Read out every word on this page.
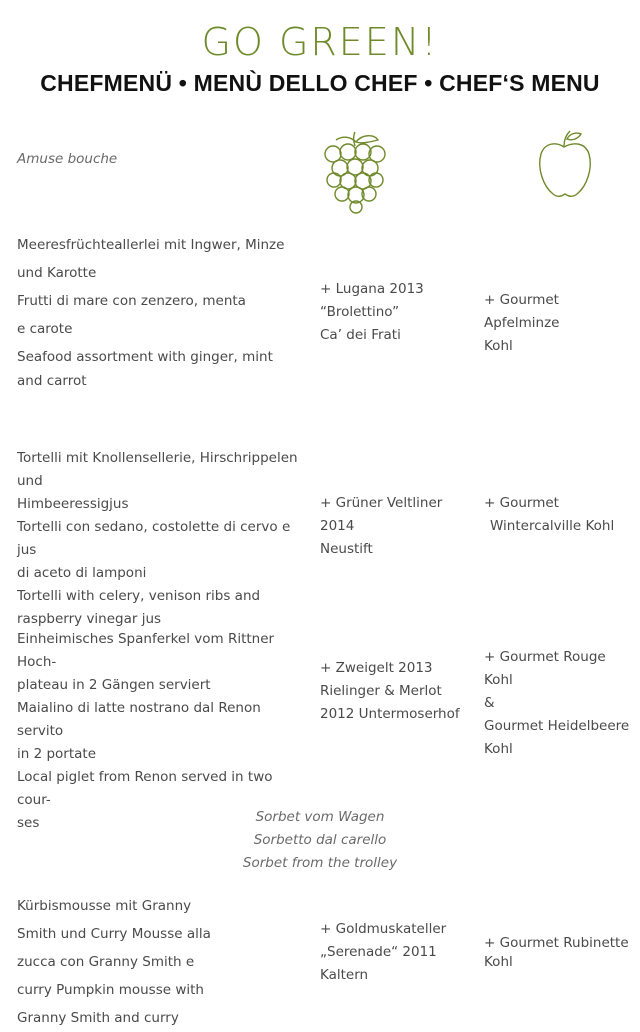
GO GREEN!
CHEFMENÜ • MENÙ DELLO CHEF • CHEF‘S MENU
Amuse bouche
Meeresfrüchteallerlei mit Ingwer, Minze
und Karotte
Frutti di mare con zenzero, menta
e carote
Seafood assortment with ginger, mint
and carrot
+ Lugana 2013
“Brolettino”
Ca’ dei Frati
+ Gourmet Apfelminze
Kohl
Tortelli mit Knollensellerie, Hirschrippelen und
Himbeeressigjus
Tortelli con sedano, costolette di cervo e jus
di aceto di lamponi
Tortelli with celery, venison ribs and
raspberry vinegar jus
+ Grüner Veltliner 2014
Neustift
+ Gourmet
Wintercalville Kohl
Einheimisches Spanferkel vom Rittner Hoch-
plateau in 2 Gängen serviert
Maialino di latte nostrano dal Renon servito
in 2 portate
Local piglet from Renon served in two cour-
ses
+ Zweigelt 2013
Rielinger & Merlot
2012 Untermoserhof
+ Gourmet Rouge Kohl
&
Gourmet Heidelbeere
Kohl
Sorbet vom Wagen
Sorbetto dal carello
Sorbet from the trolley
Kürbismousse mit Granny
Smith und Curry Mousse alla
zucca con Granny Smith e
curry Pumpkin mousse with
Granny Smith and curry
+ Goldmuskateller
„Serenade“ 2011
Kaltern
+ Gourmet Rubinette
Kohl
